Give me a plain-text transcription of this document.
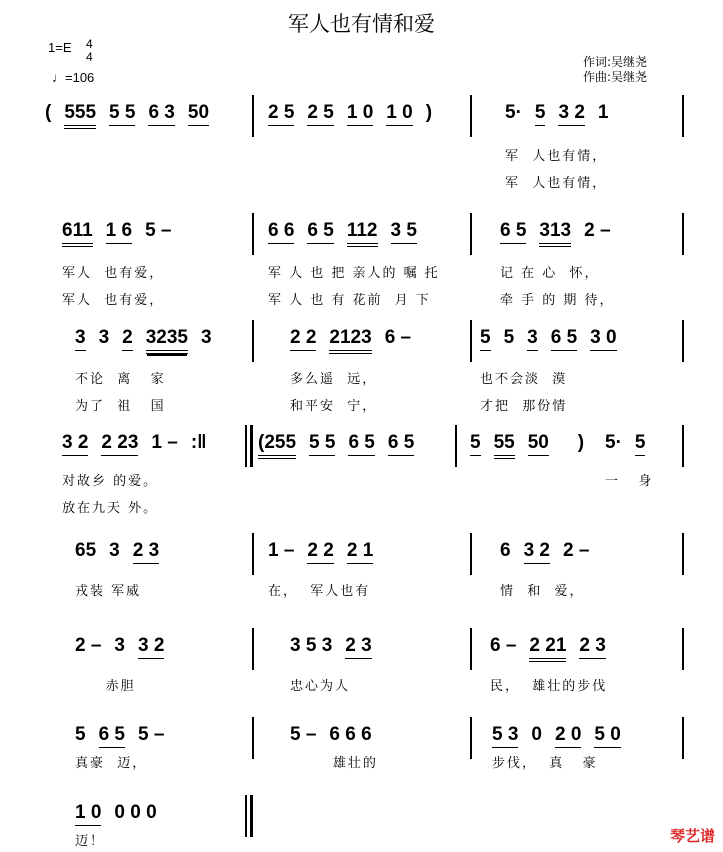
军人也有情和爱
1=E 4
4
♩=106
作词:吴继尧
作曲:吴继尧
( 555 5 5 6 3 50	2 5 2 5 1 0 1 0 )	5· 5 3 2 1
军  人也有情，
军  人也有情，
611 1 6 5 –
军人  也有爱，
军人  也有爱，
6 6 6 5 112 3 5
军 人 也 把 亲人的 嘱 托
军 人 也 有 花前  月 下
6 5 313 2 –
记 在 心  怀，
牵 手 的 期 待，
3 3 2 3235 3
不论  离   家
为了  祖   国
2 2 2123 6 –
多么遥  远，
和平安  宁，
5 5 3 6 5 3 0
也不会淡  漠
才把  那份情
3 2 2 23 1 – :‖
对故乡 的爱。
放在九天 外。
(255 5 5 6 5 6 5	5 55 50 ) 5· 5
一   身
65 3 2 3
戎装 军威
1 – 2 2 2 1
在，  军人也有
6 3 2 2 –
情  和  爱，
2 – 3 3 2
赤胆
3 5 3 2 3
忠心为人
6 – 2 21 2 3
民，  雄壮的步伐
5 6 5 5 –
真豪  迈，
5 – 6 6 6
雄壮的
5 3 0 2 0 5 0
步伐，  真   豪
1 0 0 0 0
迈！	琴艺谱
